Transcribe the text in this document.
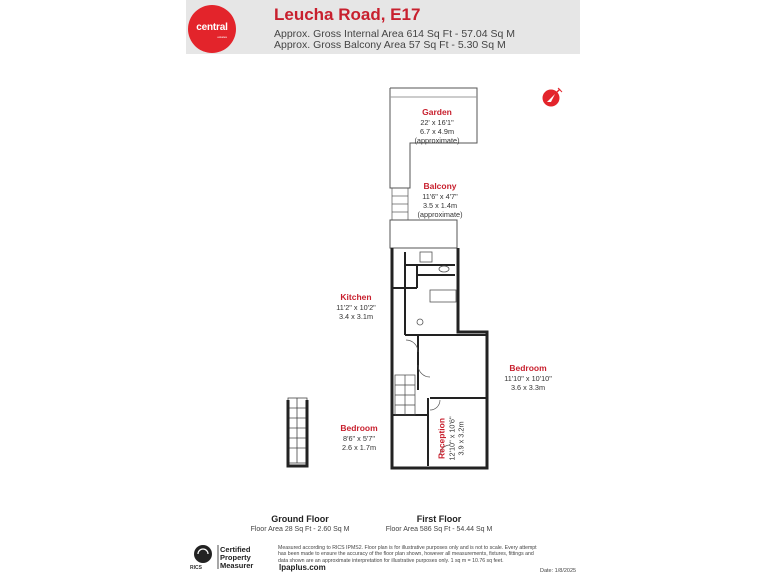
central
estates
Leucha Road, E17
Approx. Gross Internal Area 614 Sq Ft - 57.04 Sq M
Approx. Gross Balcony Area 57 Sq Ft - 5.30 Sq M
Garden
22' x 16'1"
6.7 x 4.9m
(approximate)
Balcony
11'6" x 4'7"
3.5 x 1.4m
(approximate)
Kitchen
11'2" x 10'2"
3.4 x 3.1m
Bedroom
11'10" x 10'10"
3.6 x 3.3m
Bedroom
8'6" x 5'7"
2.6 x 1.7m	Reception 12'10" x 10'6" 3.9 x 3.2m
Ground Floor
Floor Area 28 Sq Ft - 2.60 Sq M
First Floor
Floor Area 586 Sq Ft - 54.44 Sq M
RICS
Certified
Property
Measurer	lpaplus.com
Measured according to RICS IPMS2. Floor plan is for illustrative purposes only and is not to scale. Every attempt
has been made to ensure the accuracy of the floor plan shown, however all measurements, fixtures, fittings and
data shown are an approximate interpretation for illustrative purposes only. 1 sq m = 10.76 sq feet.
Date: 1/8/2025
